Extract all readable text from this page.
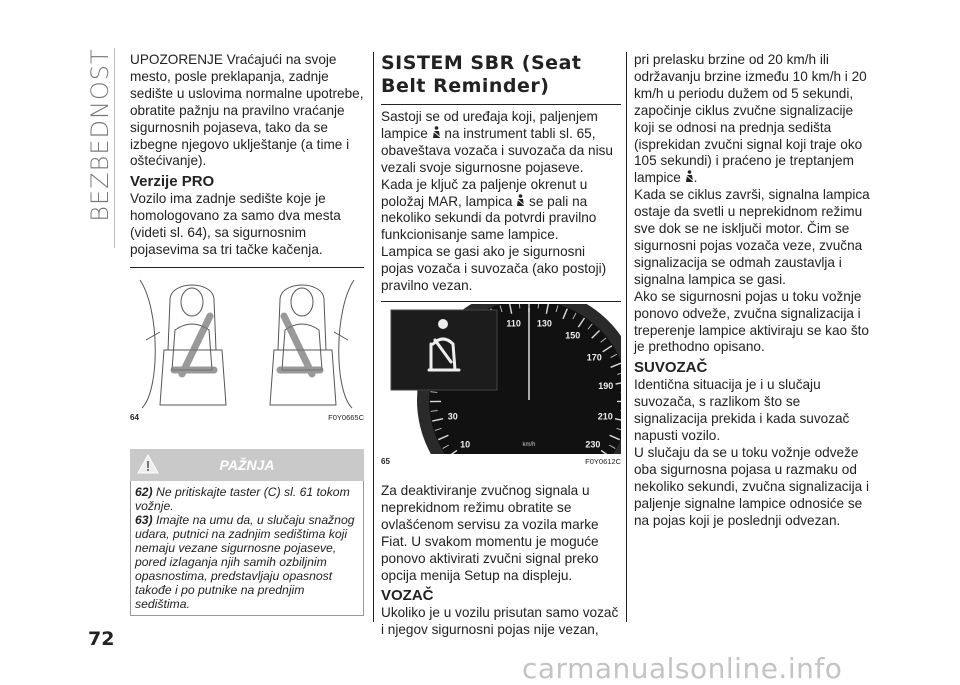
BEZBEDNOST UPOZORENJE Vraćajući na svoje mesto, posle preklapanja, zadnje sedište u uslovima normalne upotrebe, obratite pažnju na pravilno vraćanje sigurnosnih pojaseva, tako da se izbegne njegovo uklještanje (a time i oštećivanje).

Verzije PRO

Vozilo ima zadnje sedište koje je homologovano za samo dva mesta (videti sl. 64), sa sigurnosnim pojasevima sa tri tačke kačenja.

64	F0Y0665C
PAŽNJA
62) Ne pritiskajte taster (C) sl. 61 tokom vožnje.
63) Imajte na umu da, u slučaju snažnog udara, putnici na zadnjim sedištima koji nemaju vezane sigurnosne pojaseve, pored izlaganja njih samih ozbiljnim opasnostima, predstavljaju opasnost takođe i po putnike na prednjim sedištima.
SISTEM SBR (Seat Belt Reminder)

Sastoji se od uređaja koji, paljenjem lampice na instrument tabli sl. 65, obaveštava vozača i suvozača da nisu vezali svoje sigurnosne pojaseve.

Kada je ključ za paljenje okrenut u položaj MAR, lampica se pali na nekoliko sekundi da potvrdi pravilno funkcionisanje same lampice.

Lampica se gasi ako je sigurnosni pojas vozača i suvozača (ako postoji) pravilno vezan.

10
30
110 130
150
170
190
210
230
km/h
65	F0Y0612C

Za deaktiviranje zvučnog signala u neprekidnom režimu obratite se ovlašćenom servisu za vozila marke Fiat. U svakom momentu je moguće ponovo aktivirati zvučni signal preko opcija menija Setup na displeju.

VOZAČ

Ukoliko je u vozilu prisutan samo vozač i njegov sigurnosni pojas nije vezan,

pri prelasku brzine od 20 km/h ili održavanju brzine između 10 km/h i 20 km/h u periodu dužem od 5 sekundi, započinje ciklus zvučne signalizacije koji se odnosi na prednja sedišta (isprekidan zvučni signal koji traje oko 105 sekundi) i praćeno je treptanjem lampice .

Kada se ciklus završi, signalna lampica ostaje da svetli u neprekidnom režimu sve dok se ne isključi motor. Čim se sigurnosni pojas vozača veze, zvučna signalizacija se odmah zaustavlja i signalna lampica se gasi.

Ako se sigurnosni pojas u toku vožnje ponovo odveže, zvučna signalizacija i treperenje lampice aktiviraju se kao što je prethodno opisano.

SUVOZAČ

Identična situacija je i u slučaju suvozača, s razlikom što se signalizacija prekida i kada suvozač napusti vozilo.

U slučaju da se u toku vožnje odveže oba sigurnosna pojasa u razmaku od nekoliko sekundi, zvučna signalizacija i paljenje signalne lampice odnosiće se na pojas koji je poslednji odvezan.

72
carmanualsonline.info
